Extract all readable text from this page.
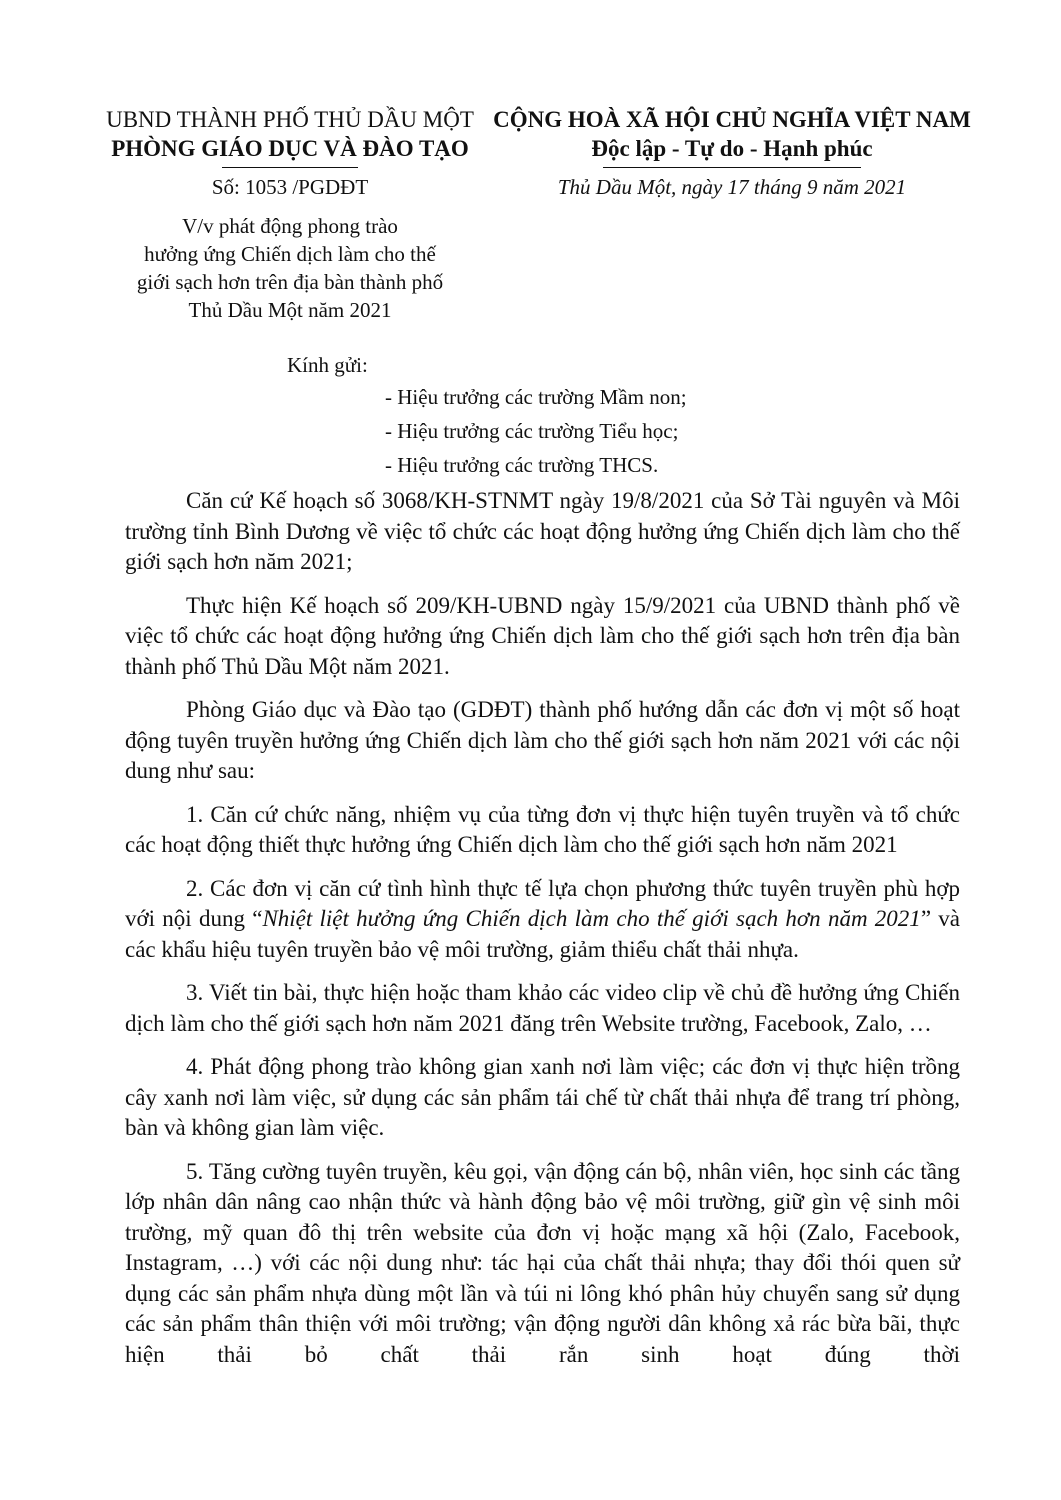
UBND THÀNH PHỐ THỦ DẦU MỘT
PHÒNG GIÁO DỤC VÀ ĐÀO TẠO
Số: 1053 /PGDĐT
CỘNG HOÀ XÃ HỘI CHỦ NGHĨA VIỆT NAM
Độc lập - Tự do - Hạnh phúc
Thủ Dầu Một, ngày 17 tháng 9 năm 2021
V/v phát động phong trào
hưởng ứng Chiến dịch làm cho thế
giới sạch hơn trên địa bàn thành phố
Thủ Dầu Một năm 2021
Kính gửi:
- Hiệu trưởng các trường Mầm non;
- Hiệu trưởng các trường Tiểu học;
- Hiệu trưởng các trường THCS.

Căn cứ Kế hoạch số 3068/KH-STNMT ngày 19/8/2021 của Sở Tài nguyên và Môi trường tỉnh Bình Dương về việc tổ chức các hoạt động hưởng ứng Chiến dịch làm cho thế giới sạch hơn năm 2021;

Thực hiện Kế hoạch số 209/KH-UBND ngày 15/9/2021 của UBND thành phố về việc tổ chức các hoạt động hưởng ứng Chiến dịch làm cho thế giới sạch hơn trên địa bàn thành phố Thủ Dầu Một năm 2021.

Phòng Giáo dục và Đào tạo (GDĐT) thành phố hướng dẫn các đơn vị một số hoạt động tuyên truyền hưởng ứng Chiến dịch làm cho thế giới sạch hơn năm 2021 với các nội dung như sau:

1. Căn cứ chức năng, nhiệm vụ của từng đơn vị thực hiện tuyên truyền và tổ chức các hoạt động thiết thực hưởng ứng Chiến dịch làm cho thế giới sạch hơn năm 2021

2. Các đơn vị căn cứ tình hình thực tế lựa chọn phương thức tuyên truyền phù hợp với nội dung “Nhiệt liệt hưởng ứng Chiến dịch làm cho thế giới sạch hơn năm 2021” và các khẩu hiệu tuyên truyền bảo vệ môi trường, giảm thiểu chất thải nhựa.

3. Viết tin bài, thực hiện hoặc tham khảo các video clip về chủ đề hưởng ứng Chiến dịch làm cho thế giới sạch hơn năm 2021 đăng trên Website trường, Facebook, Zalo, …

4. Phát động phong trào không gian xanh nơi làm việc; các đơn vị thực hiện trồng cây xanh nơi làm việc, sử dụng các sản phẩm tái chế từ chất thải nhựa để trang trí phòng, bàn và không gian làm việc.

5. Tăng cường tuyên truyền, kêu gọi, vận động cán bộ, nhân viên, học sinh các tầng lớp nhân dân nâng cao nhận thức và hành động bảo vệ môi trường, giữ gìn vệ sinh môi trường, mỹ quan đô thị trên website của đơn vị hoặc mạng xã hội (Zalo, Facebook, Instagram, …) với các nội dung như: tác hại của chất thải nhựa; thay đổi thói quen sử dụng các sản phẩm nhựa dùng một lần và túi ni lông khó phân hủy chuyển sang sử dụng các sản phẩm thân thiện với môi trường; vận động người dân không xả rác bừa bãi, thực hiện thải bỏ chất thải rắn sinh hoạt đúng thời
